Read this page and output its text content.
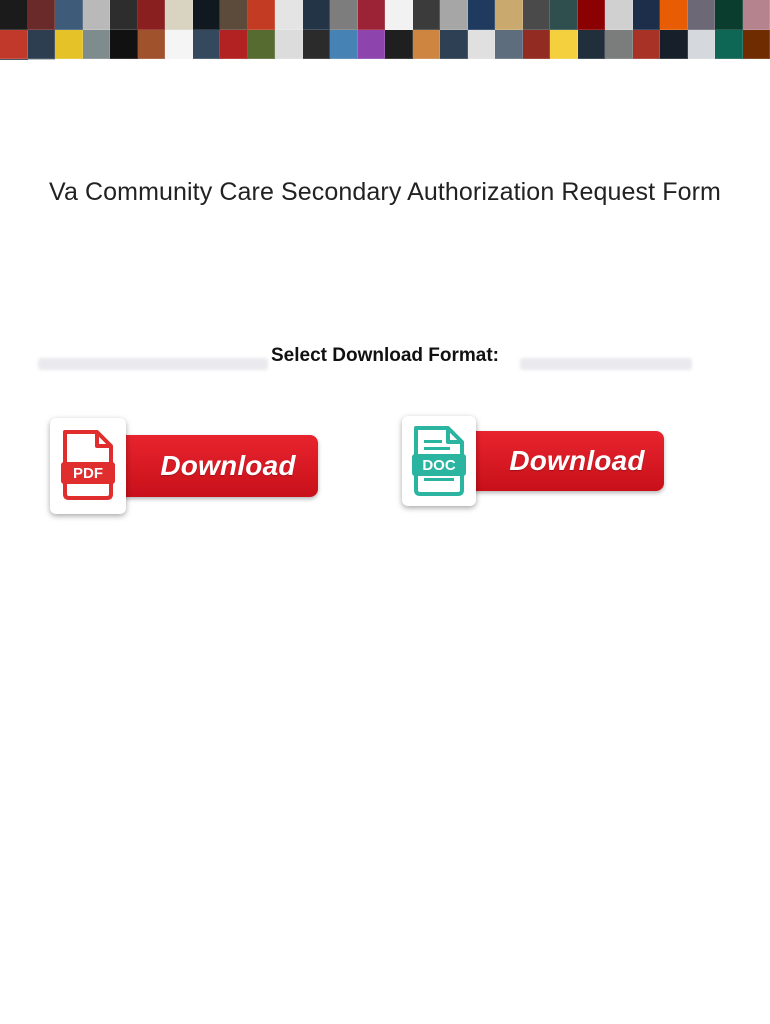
Va Community Care Secondary Authorization Request Form
Select Download Format:
Download
PDF	Download
DOC
